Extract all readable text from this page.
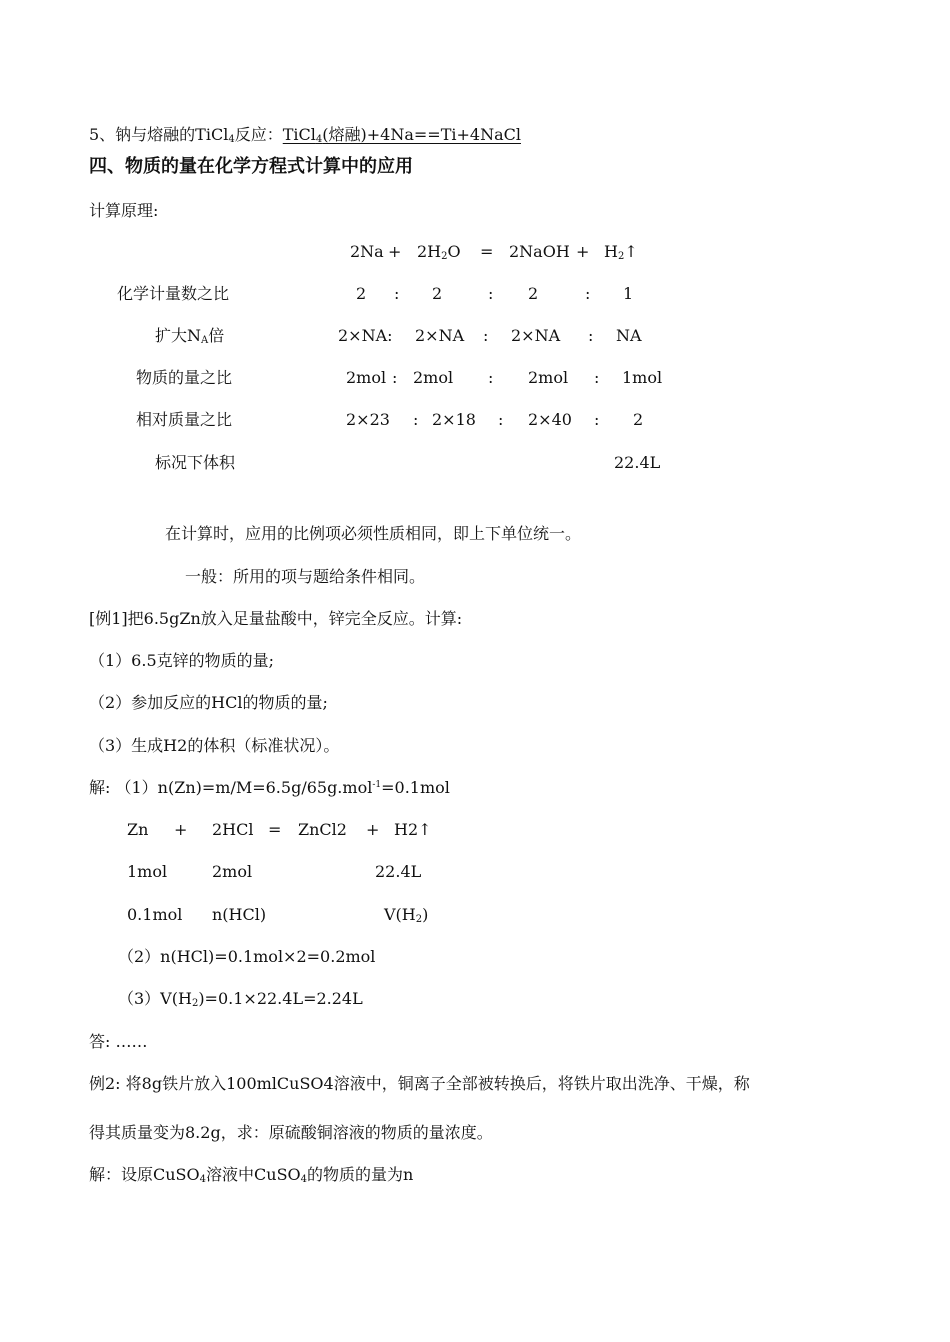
5、钠与熔融的TiCl$_4$反应：TiCl$_4$(熔融)+4Na==Ti+4NaCl
四、物质的量在化学方程式计算中的应用
计算原理:
$2Na + 2H_2O$ = 2NaOH + $H_2↑$
化学计量数之比	2 : 2	: 2	: 1
扩大$N_A$倍	2×NA: 2×NA : 2×NA : NA
物质的量之比	2mol : 2mol : 2mol : 1mol
相对质量之比	2×23 : 2×18 : 2×40 : 2
标况下体积	22.4L
在计算时，应用的比例项必须性质相同，即上下单位统一。
一般：所用的项与题给条件相同。
[例1]把6.5gZn放入足量盐酸中，锌完全反应。计算:
（1）6.5克锌的物质的量;
（2）参加反应的HCl的物质的量;
（3）生成H2的体积（标准状况）。
解: （1）n(Zn)=m/M=6.5g/65g.mol$^{-1}$=0.1mol
Zn + 2HCl = ZnCl2 + H2↑
1mol	2mol	22.4L
0.1mol n(HCl)	$V(H_2)$
（2）n(HCl)=0.1mol×2=0.2mol
$(3)V(H_2)=0.1\times 22.4L=2.24L$
答: ……
例2: 将8g铁片放入100mlCuSO4溶液中，铜离子全部被转换后，将铁片取出洗净、干燥，称
得其质量变为8.2g，求：原硫酸铜溶液的物质的量浓度。
解：设原CuSO$_4$溶液中CuSO$_4$的物质的量为n
